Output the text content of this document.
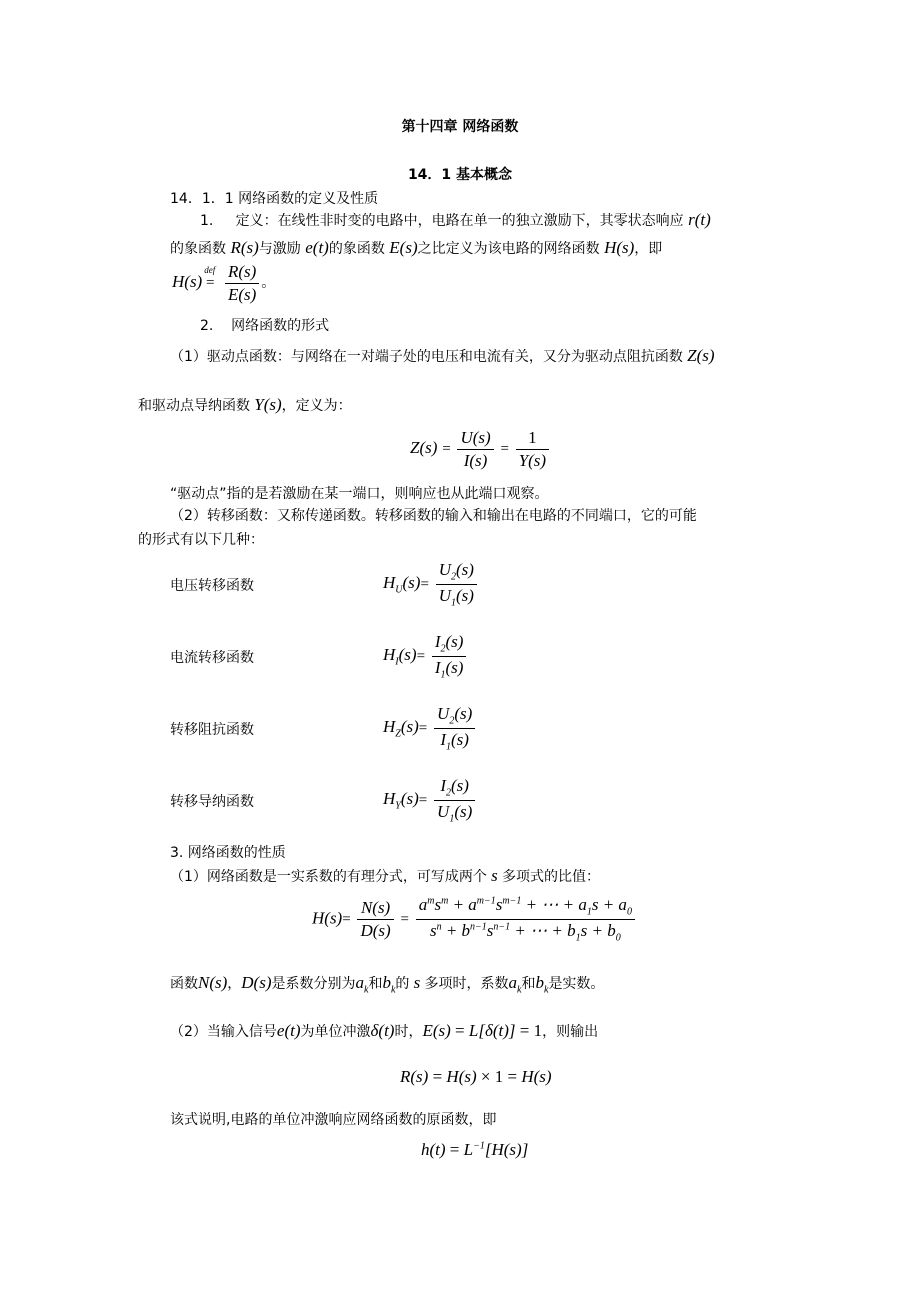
第十四章 网络函数
14．1 基本概念
14．1．1 网络函数的定义及性质
1. 定义：在线性非时变的电路中，电路在单一的独立激励下，其零状态响应 r(t)
的象函数 R(s)与激励 e(t)的象函数 E(s)之比定义为该电路的网络函数 H(s)，即
H(s)
def
= $\frac{R(s)}{E(s)}$ 。
2. 网络函数的形式
（1）驱动点函数：与网络在一对端子处的电压和电流有关，又分为驱动点阻抗函数 Z(s)
和驱动点导纳函数 Y(s)，定义为：
$Z(s) = \frac{U(s)}{I(s)} = \frac{1}{Y(s)}$
“驱动点”指的是若激励在某一端口，则响应也从此端口观察。
（2）转移函数：又称传递函数。转移函数的输入和输出在电路的不同端口，它的可能
的形式有以下几种：
电压转移函数	$H_U(s)= \frac{U_2(s)}{U_1(s)}$
电流转移函数	$H_I(s)= \frac{I_2(s)}{I_1(s)}$
转移阻抗函数	$H_Z(s)= \frac{U_2(s)}{I_1(s)}$
转移导纳函数	$H_Y(s)= \frac{I_2(s)}{U_1(s)}$
3. 网络函数的性质
（1）网络函数是一实系数的有理分式，可写成两个 s 多项式的比值：
$H(s)= \frac{N(s)}{D(s)} = \frac{a^ms^m + a^{m-1}s^{m-1} + \cdots + a_1s + a_0}{s^n + b^{n-1}s^{n-1} + \cdots + b_1s + b_0}$
函数N(s)，D(s)是系数分别为$a_k$和$b_k$的 s 多项时，系数$a_k$和$b_k$是实数。
（2）当输入信号e(t)为单位冲激δ(t)时，E(s) = L[δ(t)] = 1，则输出
R(s) = H(s) × 1 = H(s)
该式说明,电路的单位冲激响应网络函数的原函数，即
$h(t) = L^{-1}[H(s)]$
